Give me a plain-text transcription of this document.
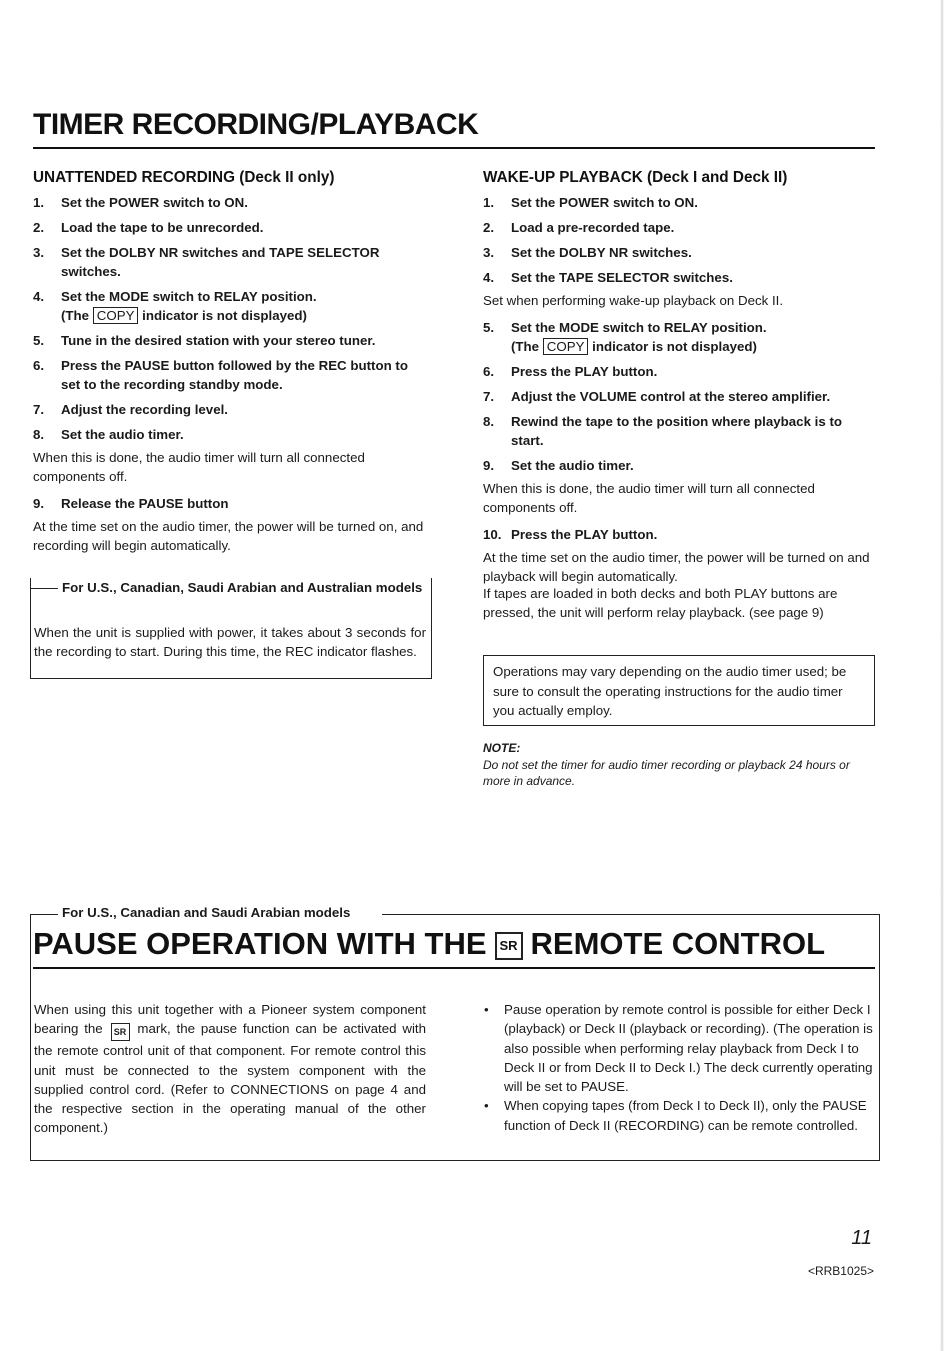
TIMER RECORDING/PLAYBACK
UNATTENDED RECORDING (Deck II only)
1. Set the POWER switch to ON.
2. Load the tape to be unrecorded.
3. Set the DOLBY NR switches and TAPE SELECTOR switches.
4. Set the MODE switch to RELAY position.
(The COPY indicator is not displayed)
5. Tune in the desired station with your stereo tuner.
6. Press the PAUSE button followed by the REC button to set to the recording standby mode.
7. Adjust the recording level.
8. Set the audio timer.
When this is done, the audio timer will turn all connected components off.
9. Release the PAUSE button
At the time set on the audio timer, the power will be turned on, and recording will begin automatically.
For U.S., Canadian, Saudi Arabian and Australian models
When the unit is supplied with power, it takes about 3 seconds for the recording to start. During this time, the REC indicator flashes.
WAKE-UP PLAYBACK (Deck I and Deck II)
1. Set the POWER switch to ON.
2. Load a pre-recorded tape.
3. Set the DOLBY NR switches.
4. Set the TAPE SELECTOR switches.
Set when performing wake-up playback on Deck II.
5. Set the MODE switch to RELAY position.
(The COPY indicator is not displayed)
6. Press the PLAY button.
7. Adjust the VOLUME control at the stereo amplifier.
8. Rewind the tape to the position where playback is to start.
9. Set the audio timer.
When this is done, the audio timer will turn all connected components off.
10. Press the PLAY button.
At the time set on the audio timer, the power will be turned on and playback will begin automatically.
If tapes are loaded in both decks and both PLAY buttons are pressed, the unit will perform relay playback. (see page 9)
Operations may vary depending on the audio timer used; be sure to consult the operating instructions for the audio timer you actually employ.
NOTE:
Do not set the timer for audio timer recording or playback 24 hours or more in advance.
For U.S., Canadian and Saudi Arabian models
PAUSE OPERATION WITH THE SR REMOTE CONTROL
When using this unit together with a Pioneer system component bearing the SR mark, the pause function can be activated with the remote control unit of that component. For remote control this unit must be connected to the system component with the supplied control cord. (Refer to CONNECTIONS on page 4 and the respective section in the operating manual of the other component.)

• Pause operation by remote control is possible for either Deck I (playback) or Deck II (playback or recording). (The operation is also possible when performing relay playback from Deck I to Deck II or from Deck II to Deck I.) The deck currently operating will be set to PAUSE.

• When copying tapes (from Deck I to Deck II), only the PAUSE function of Deck II (RECORDING) can be remote controlled.

11
<RRB1025>
